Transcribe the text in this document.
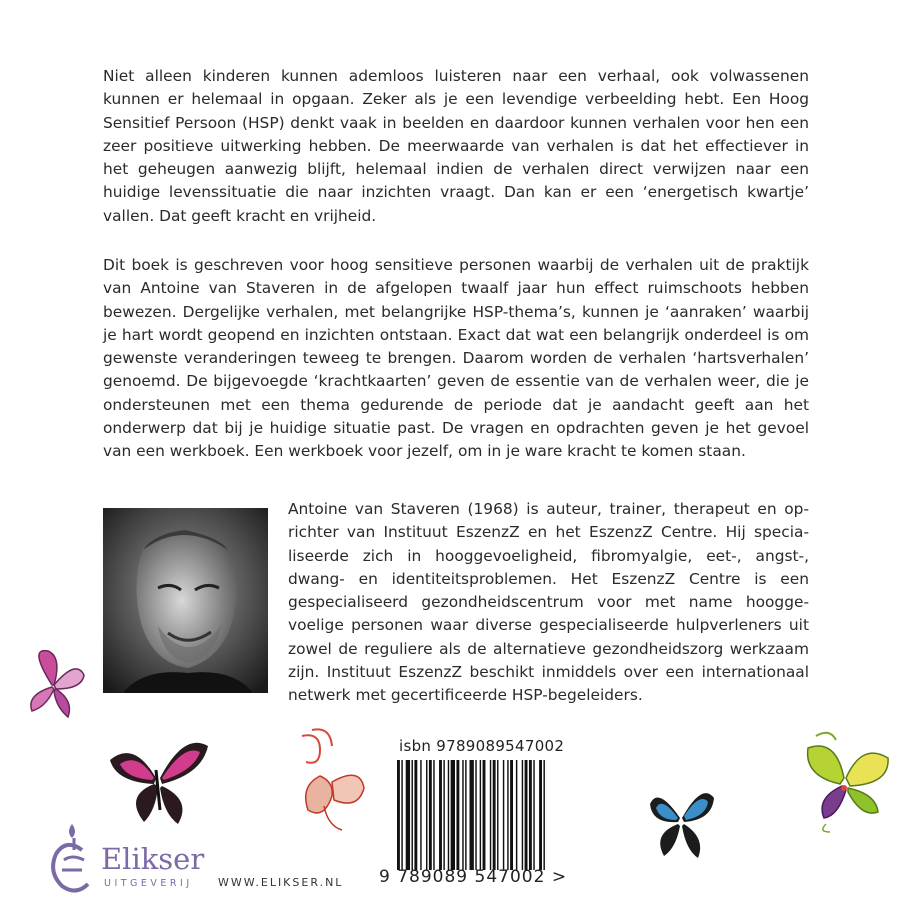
Niet alleen kinderen kunnen ademloos luisteren naar een verhaal, ook volwassenen kunnen er helemaal in opgaan. Zeker als je een levendige verbeelding hebt. Een Hoog Sensitief Persoon (HSP) denkt vaak in beelden en daardoor kunnen verhalen voor hen een zeer positieve uitwerking hebben. De meerwaarde van verhalen is dat het effectiever in het geheugen aanwezig blijft, helemaal indien de verhalen direct verwijzen naar een huidige levenssituatie die naar inzichten vraagt. Dan kan er een ‘energetisch kwartje’ vallen. Dat geeft kracht en vrijheid.

Dit boek is geschreven voor hoog sensitieve personen waarbij de verhalen uit de praktijk van Antoine van Staveren in de afgelopen twaalf jaar hun effect ruimschoots hebben bewezen. Dergelijke verhalen, met belangrijke HSP-thema’s, kunnen je ‘aanraken’ waarbij je hart wordt geopend en inzichten ontstaan. Exact dat wat een belangrijk onderdeel is om gewenste veranderingen teweeg te brengen. Daarom worden de verhalen ‘hartsverhalen’ genoemd. De bijgevoegde ‘krachtkaarten’ geven de essentie van de verhalen weer, die je ondersteunen met een thema gedurende de periode dat je aandacht geeft aan het onderwerp dat bij je huidige situatie past. De vragen en opdrachten geven je het gevoel van een werkboek. Een werkboek voor jezelf, om in je ware kracht te komen staan.

Antoine van Staveren (1968) is auteur, trainer, therapeut en oprichter van Instituut EszenzZ en het EszenzZ Centre. Hij specialiseerde zich in hooggevoeligheid, fibromyalgie, eet-, angst-, dwang- en identiteitsproblemen. Het EszenzZ Centre is een gespecialiseerd gezondheidscentrum voor met name hooggevoelige personen waar diverse gespecialiseerde hulpverleners uit zowel de reguliere als de alternatieve gezondheidszorg werkzaam zijn. Instituut EszenzZ beschikt inmiddels over een internationaal netwerk met gecertificeerde HSP-begeleiders.

Elikser
UITGEVERIJ WWW.ELIKSER.NL
isbn 9789089547002
9 789089 547002 >
